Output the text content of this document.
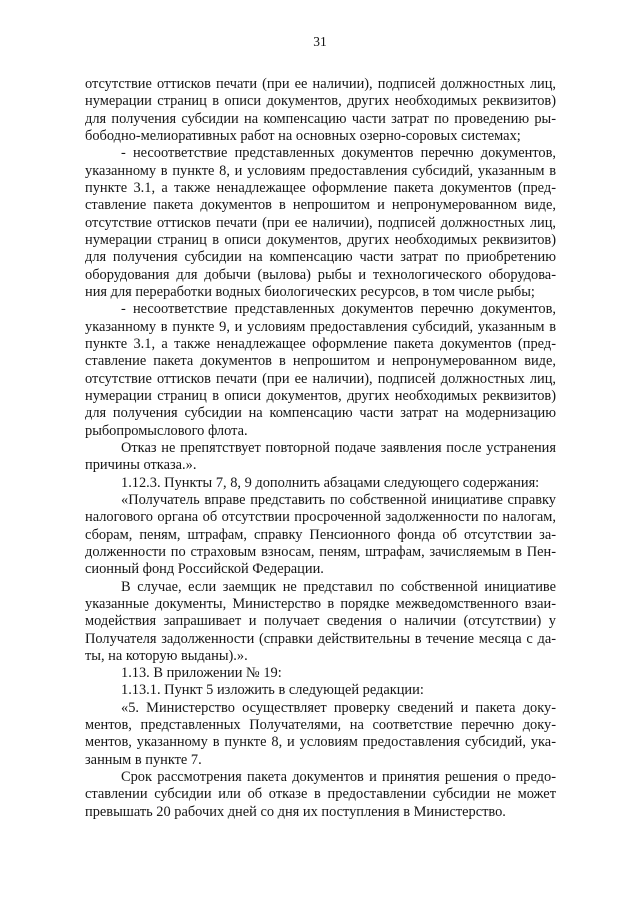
31
отсутствие оттисков печати (при ее наличии), подписей должностных лиц,
нумерации страниц в описи документов, других необходимых реквизитов)
для получения субсидии на компенсацию части затрат по проведению ры-
бободно-мелиоративных работ на основных озерно-соровых системах;
- несоответствие представленных документов перечню документов,
указанному в пункте 8, и условиям предоставления субсидий, указанным в
пункте 3.1, а также ненадлежащее оформление пакета документов (пред-
ставление пакета документов в непрошитом и непронумерованном виде,
отсутствие оттисков печати (при ее наличии), подписей должностных лиц,
нумерации страниц в описи документов, других необходимых реквизитов)
для получения субсидии на компенсацию части затрат по приобретению
оборудования для добычи (вылова) рыбы и технологического оборудова-
ния для переработки водных биологических ресурсов, в том числе рыбы;
- несоответствие представленных документов перечню документов,
указанному в пункте 9, и условиям предоставления субсидий, указанным в
пункте 3.1, а также ненадлежащее оформление пакета документов (пред-
ставление пакета документов в непрошитом и непронумерованном виде,
отсутствие оттисков печати (при ее наличии), подписей должностных лиц,
нумерации страниц в описи документов, других необходимых реквизитов)
для получения субсидии на компенсацию части затрат на модернизацию
рыбопромыслового флота.
Отказ не препятствует повторной подаче заявления после устранения
причины отказа.».
1.12.3. Пункты 7, 8, 9 дополнить абзацами следующего содержания:
«Получатель вправе представить по собственной инициативе справку
налогового органа об отсутствии просроченной задолженности по налогам,
сборам, пеням, штрафам, справку Пенсионного фонда об отсутствии за-
долженности по страховым взносам, пеням, штрафам, зачисляемым в Пен-
сионный фонд Российской Федерации.
В случае, если заемщик не представил по собственной инициативе
указанные документы, Министерство в порядке межведомственного взаи-
модействия запрашивает и получает сведения о наличии (отсутствии) у
Получателя задолженности (справки действительны в течение месяца с да-
ты, на которую выданы).».
1.13. В приложении № 19:
1.13.1. Пункт 5 изложить в следующей редакции:
«5. Министерство осуществляет проверку сведений и пакета доку-
ментов, представленных Получателями, на соответствие перечню доку-
ментов, указанному в пункте 8, и условиям предоставления субсидий, ука-
занным в пункте 7.
Срок рассмотрения пакета документов и принятия решения о предо-
ставлении субсидии или об отказе в предоставлении субсидии не может
превышать 20 рабочих дней со дня их поступления в Министерство.
